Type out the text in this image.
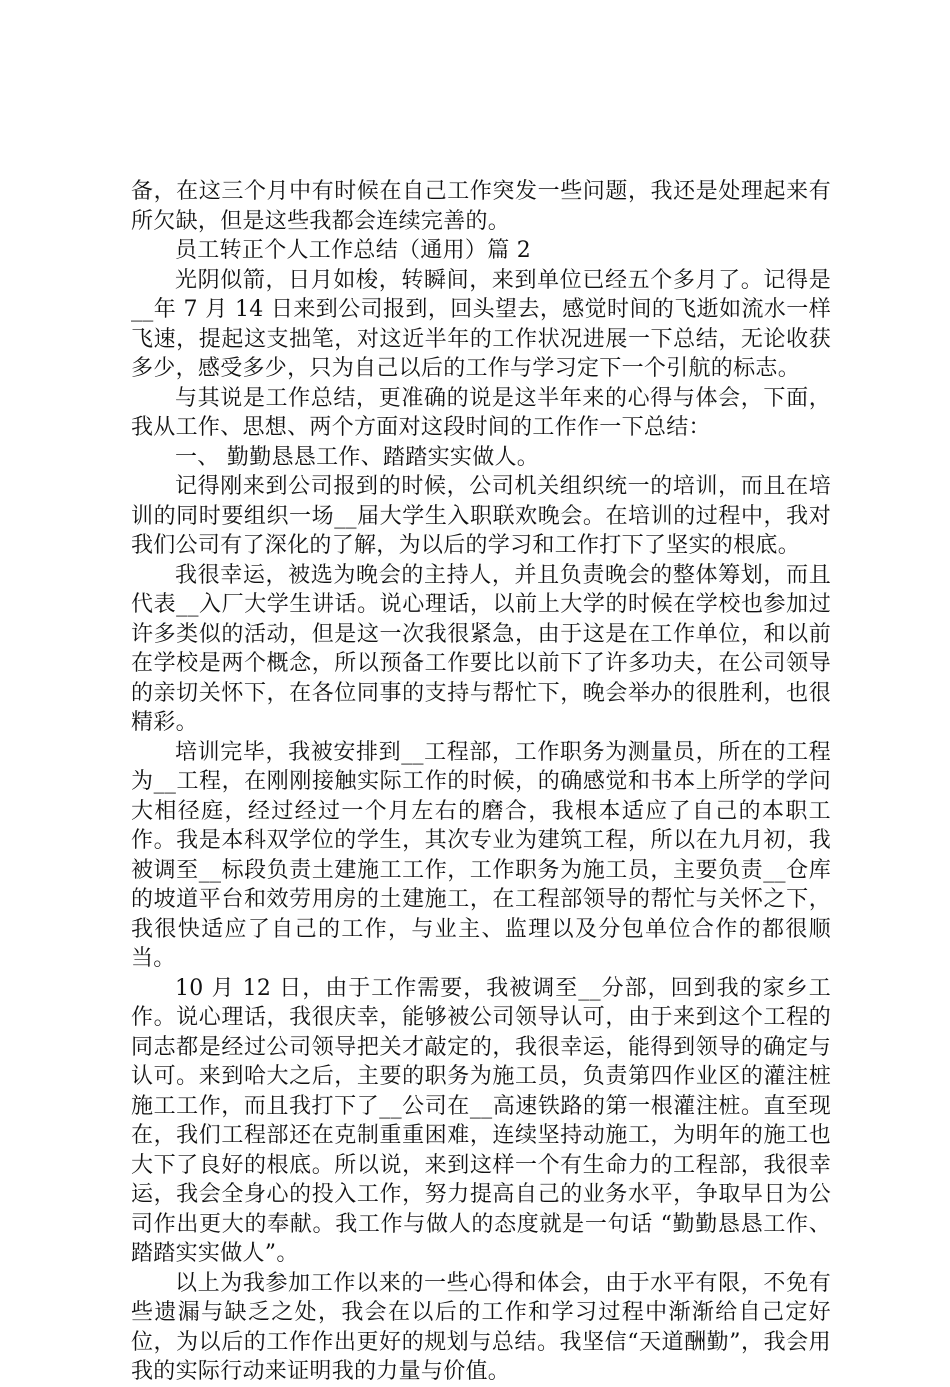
备，在这三个月中有时候在自己工作突发一些问题，我还是处理起来有所欠缺，但是这些我都会连续完善的。

员工转正个人工作总结（通用）篇 2

光阴似箭，日月如梭，转瞬间，来到单位已经五个多月了。记得是__年 7 月 14 日来到公司报到，回头望去，感觉时间的飞逝如流水一样飞速，提起这支拙笔，对这近半年的工作状况进展一下总结，无论收获多少，感受多少，只为自己以后的工作与学习定下一个引航的标志。

与其说是工作总结，更准确的说是这半年来的心得与体会，下面，我从工作、思想、两个方面对这段时间的工作作一下总结：

一、 勤勤恳恳工作、踏踏实实做人。

记得刚来到公司报到的时候，公司机关组织统一的培训，而且在培训的同时要组织一场__届大学生入职联欢晚会。在培训的过程中，我对我们公司有了深化的了解，为以后的学习和工作打下了坚实的根底。

我很幸运，被选为晚会的主持人，并且负责晚会的整体筹划，而且代表__入厂大学生讲话。说心理话，以前上大学的时候在学校也参加过许多类似的活动，但是这一次我很紧急，由于这是在工作单位，和以前在学校是两个概念，所以预备工作要比以前下了许多功夫，在公司领导的亲切关怀下，在各位同事的支持与帮忙下，晚会举办的很胜利，也很精彩。

培训完毕，我被安排到__工程部，工作职务为测量员，所在的工程为__工程，在刚刚接触实际工作的时候，的确感觉和书本上所学的学问大相径庭，经过经过一个月左右的磨合，我根本适应了自己的本职工作。我是本科双学位的学生，其次专业为建筑工程，所以在九月初，我被调至__标段负责土建施工工作，工作职务为施工员，主要负责__仓库的坡道平台和效劳用房的土建施工，在工程部领导的帮忙与关怀之下，我很快适应了自己的工作，与业主、监理以及分包单位合作的都很顺当。

10 月 12 日，由于工作需要，我被调至__分部，回到我的家乡工作。说心理话，我很庆幸，能够被公司领导认可，由于来到这个工程的同志都是经过公司领导把关才敲定的，我很幸运，能得到领导的确定与认可。来到哈大之后，主要的职务为施工员，负责第四作业区的灌注桩施工工作，而且我打下了__公司在__高速铁路的第一根灌注桩。直至现在，我们工程部还在克制重重困难，连续坚持动施工，为明年的施工也大下了良好的根底。所以说，来到这样一个有生命力的工程部，我很幸运，我会全身心的投入工作，努力提高自己的业务水平，争取早日为公司作出更大的奉献。我工作与做人的态度就是一句话 “勤勤恳恳工作、踏踏实实做人”。

以上为我参加工作以来的一些心得和体会，由于水平有限，不免有些遗漏与缺乏之处，我会在以后的工作和学习过程中渐渐给自己定好位，为以后的工作作出更好的规划与总结。我坚信“天道酬勤”，我会用我的实际行动来证明我的力量与价值。
